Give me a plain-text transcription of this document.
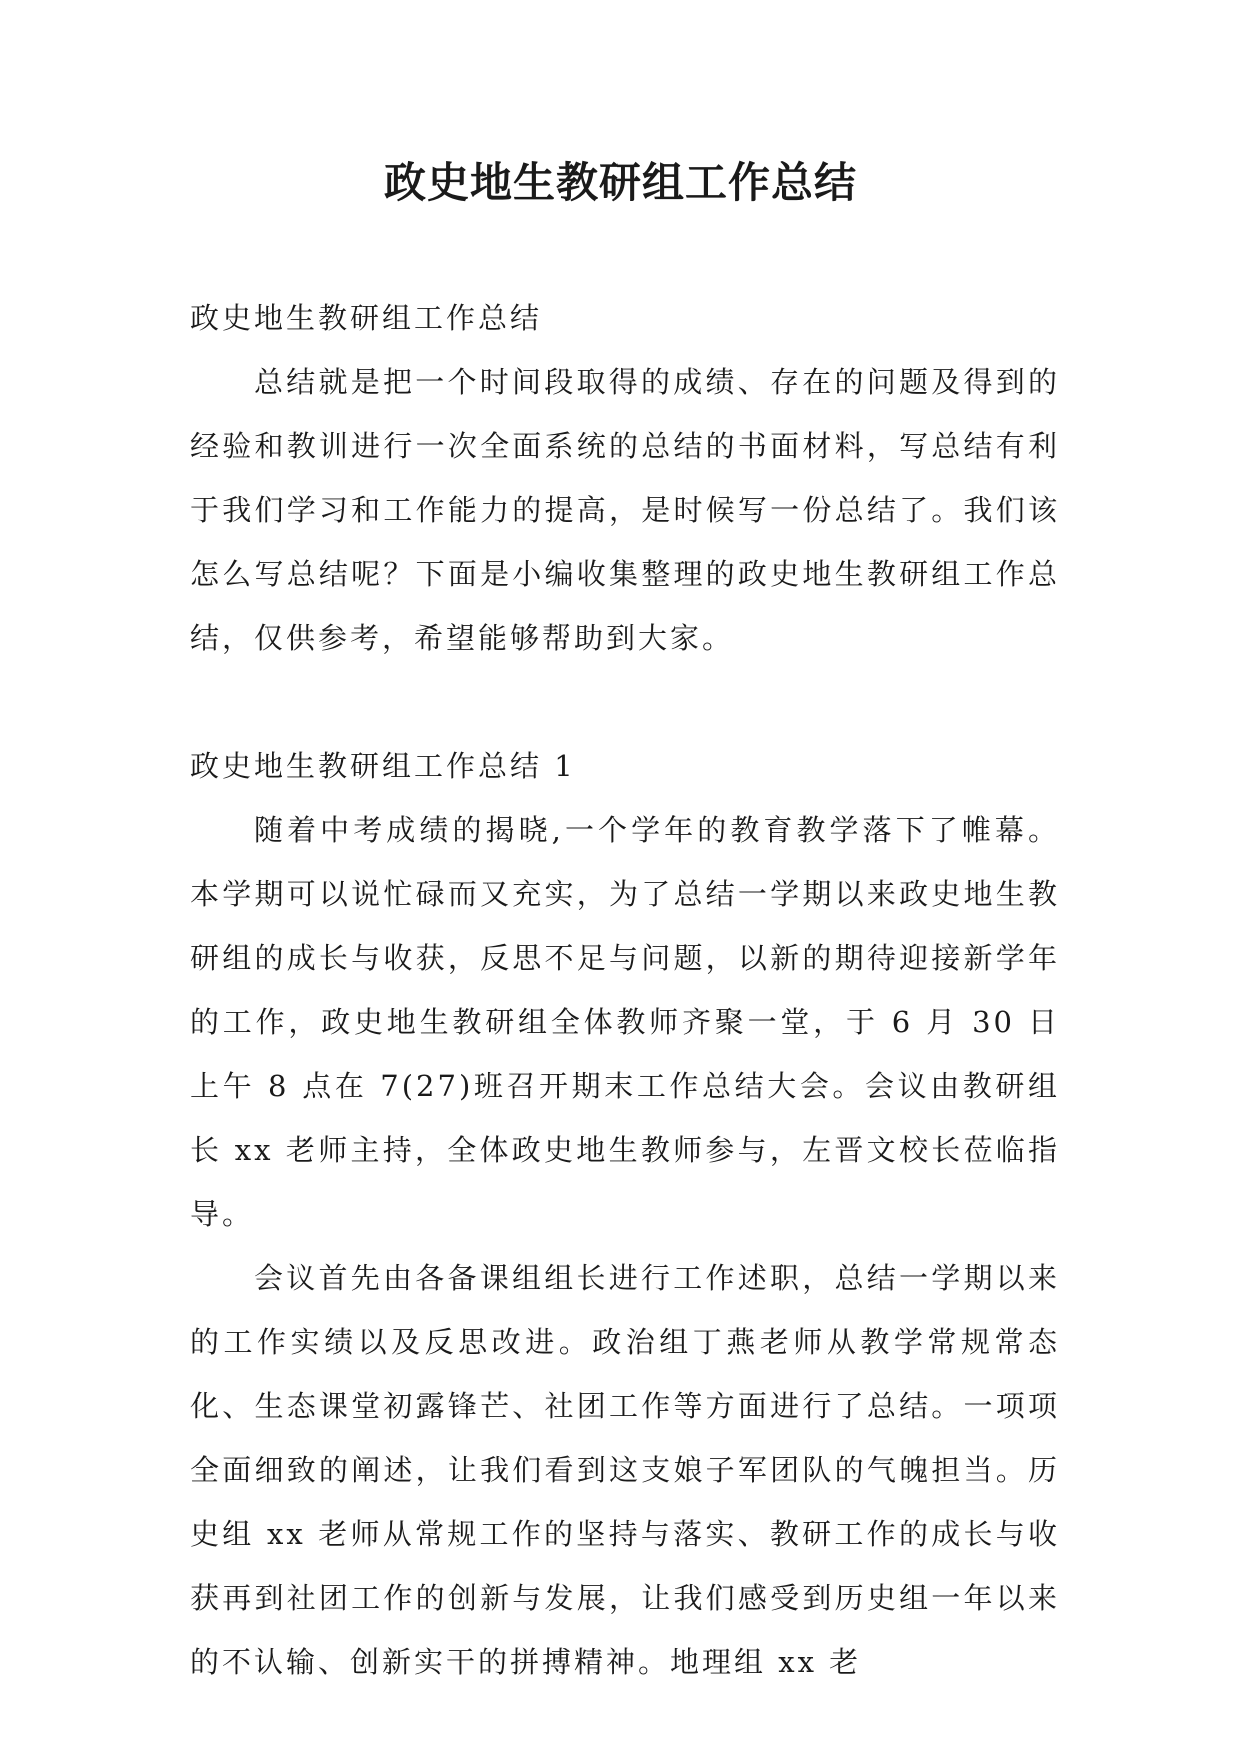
政史地生教研组工作总结

政史地生教研组工作总结

总结就是把一个时间段取得的成绩、存在的问题及得到的经验和教训进行一次全面系统的总结的书面材料，写总结有利于我们学习和工作能力的提高，是时候写一份总结了。我们该怎么写总结呢？下面是小编收集整理的政史地生教研组工作总结，仅供参考，希望能够帮助到大家。

政史地生教研组工作总结 1

随着中考成绩的揭晓,一个学年的教育教学落下了帷幕。本学期可以说忙碌而又充实，为了总结一学期以来政史地生教研组的成长与收获，反思不足与问题，以新的期待迎接新学年的工作，政史地生教研组全体教师齐聚一堂，于 6 月 30 日上午 8 点在 7(27)班召开期末工作总结大会。会议由教研组长 xx 老师主持，全体政史地生教师参与，左晋文校长莅临指导。

会议首先由各备课组组长进行工作述职，总结一学期以来的工作实绩以及反思改进。政治组丁燕老师从教学常规常态化、生态课堂初露锋芒、社团工作等方面进行了总结。一项项全面细致的阐述，让我们看到这支娘子军团队的气魄担当。历史组 xx 老师从常规工作的坚持与落实、教研工作的成长与收获再到社团工作的创新与发展，让我们感受到历史组一年以来的不认输、创新实干的拼搏精神。地理组 xx 老
